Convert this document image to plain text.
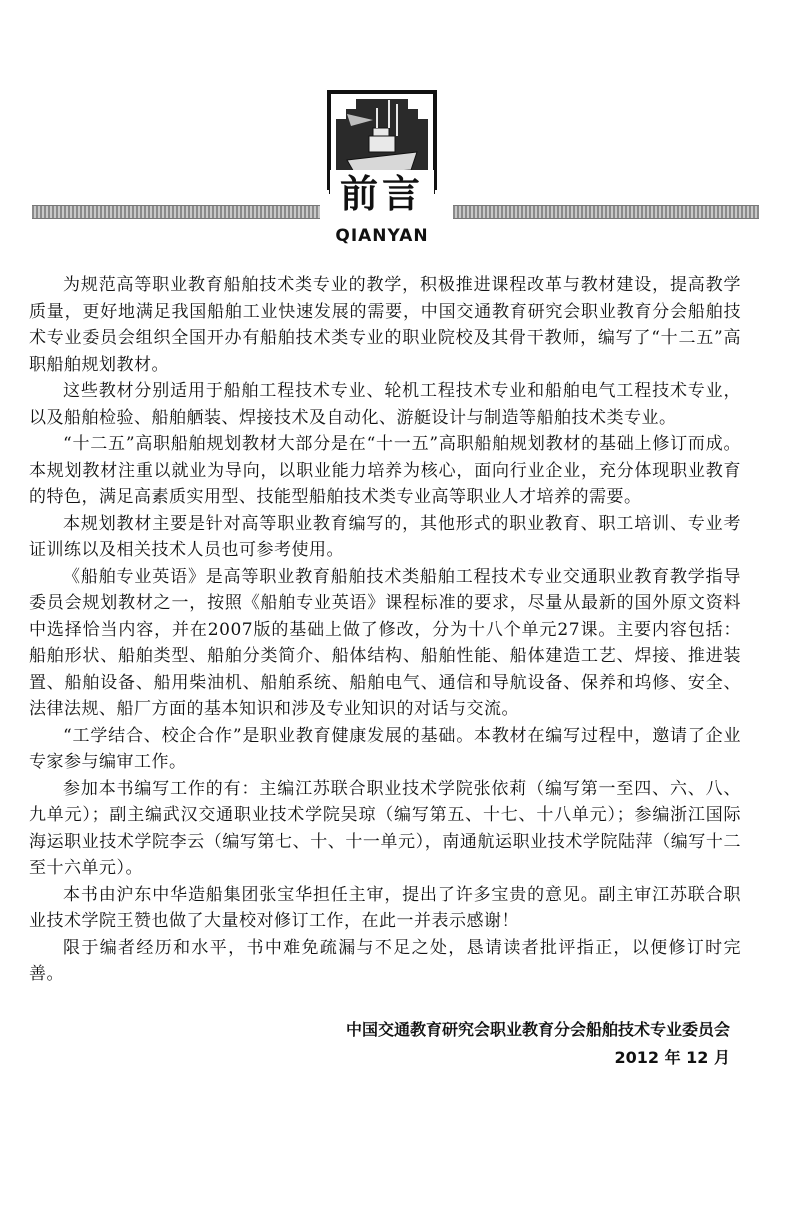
前言
QIANYAN

为规范高等职业教育船舶技术类专业的教学，积极推进课程改革与教材建设，提高教学质量，更好地满足我国船舶工业快速发展的需要，中国交通教育研究会职业教育分会船舶技术专业委员会组织全国开办有船舶技术类专业的职业院校及其骨干教师，编写了“十二五”高职船舶规划教材。

这些教材分别适用于船舶工程技术专业、轮机工程技术专业和船舶电气工程技术专业，以及船舶检验、船舶舾装、焊接技术及自动化、游艇设计与制造等船舶技术类专业。

“十二五”高职船舶规划教材大部分是在“十一五”高职船舶规划教材的基础上修订而成。本规划教材注重以就业为导向，以职业能力培养为核心，面向行业企业，充分体现职业教育的特色，满足高素质实用型、技能型船舶技术类专业高等职业人才培养的需要。

本规划教材主要是针对高等职业教育编写的，其他形式的职业教育、职工培训、专业考证训练以及相关技术人员也可参考使用。

《船舶专业英语》是高等职业教育船舶技术类船舶工程技术专业交通职业教育教学指导委员会规划教材之一，按照《船舶专业英语》课程标准的要求，尽量从最新的国外原文资料中选择恰当内容，并在2007版的基础上做了修改，分为十八个单元27课。主要内容包括：船舶形状、船舶类型、船舶分类简介、船体结构、船舶性能、船体建造工艺、焊接、推进装置、船舶设备、船用柴油机、船舶系统、船舶电气、通信和导航设备、保养和坞修、安全、法律法规、船厂方面的基本知识和涉及专业知识的对话与交流。

“工学结合、校企合作”是职业教育健康发展的基础。本教材在编写过程中，邀请了企业专家参与编审工作。

参加本书编写工作的有：主编江苏联合职业技术学院张依莉（编写第一至四、六、八、九单元）；副主编武汉交通职业技术学院吴琼（编写第五、十七、十八单元）；参编浙江国际海运职业技术学院李云（编写第七、十、十一单元），南通航运职业技术学院陆萍（编写十二至十六单元）。

本书由沪东中华造船集团张宝华担任主审，提出了许多宝贵的意见。副主审江苏联合职业技术学院王赞也做了大量校对修订工作，在此一并表示感谢！

限于编者经历和水平，书中难免疏漏与不足之处，恳请读者批评指正，以便修订时完善。

中国交通教育研究会职业教育分会船舶技术专业委员会
2012 年 12 月
